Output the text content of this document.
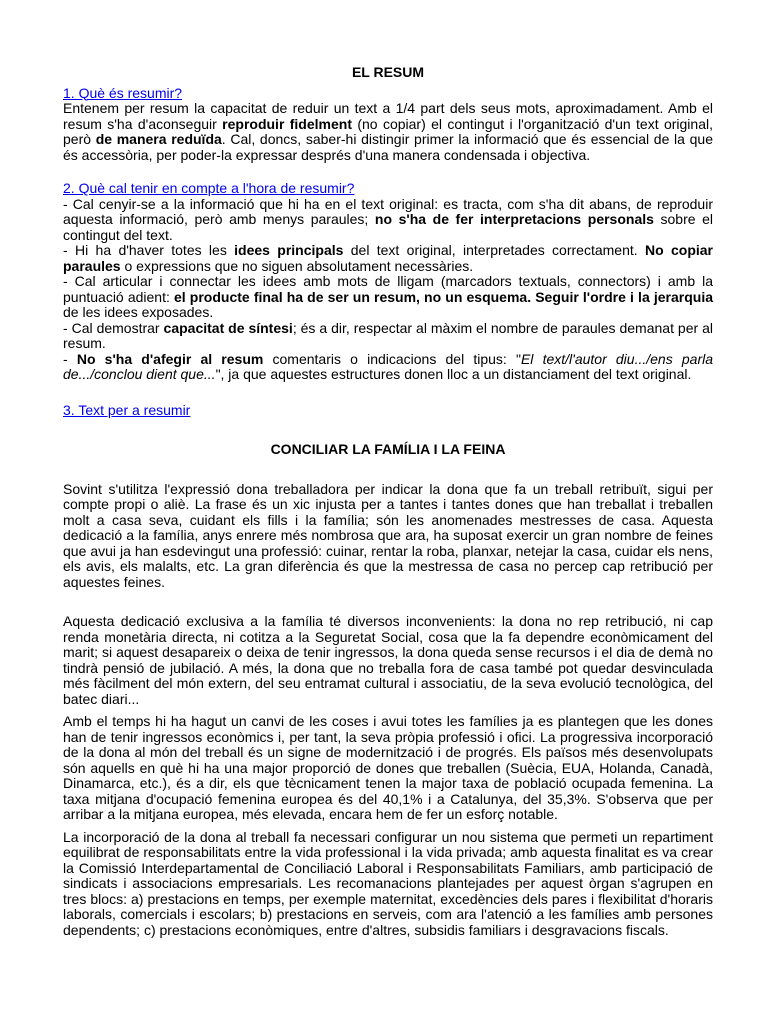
EL RESUM
1. Què és resumir?

Entenem per resum la capacitat de reduir un text a 1/4 part dels seus mots, aproximadament. Amb el resum s'ha d'aconseguir reproduir fidelment (no copiar) el contingut i l'organització d'un text original, però de manera reduïda. Cal, doncs, saber-hi distingir primer la informació que és essencial de la que és accessòria, per poder-la expressar després d'una manera condensada i objectiva.

2. Què cal tenir en compte a l'hora de resumir?

- Cal cenyir-se a la informació que hi ha en el text original: es tracta, com s'ha dit abans, de reproduir aquesta informació, però amb menys paraules; no s'ha de fer interpretacions personals sobre el contingut del text.

- Hi ha d'haver totes les idees principals del text original, interpretades correctament. No copiar paraules o expressions que no siguen absolutament necessàries.

- Cal articular i connectar les idees amb mots de lligam (marcadors textuals, connectors) i amb la puntuació adient: el producte final ha de ser un resum, no un esquema. Seguir l'ordre i la jerarquia de les idees exposades.

- Cal demostrar capacitat de síntesi; és a dir, respectar al màxim el nombre de paraules demanat per al resum.

- No s'ha d'afegir al resum comentaris o indicacions del tipus: "El text/l'autor diu.../ens parla de.../conclou dient que...", ja que aquestes estructures donen lloc a un distanciament del text original.

3. Text per a resumir
CONCILIAR LA FAMÍLIA I LA FEINA

Sovint s'utilitza l'expressió dona treballadora per indicar la dona que fa un treball retribuït, sigui per compte propi o aliè. La frase és un xic injusta per a tantes i tantes dones que han treballat i treballen molt a casa seva, cuidant els fills i la família; són les anomenades mestresses de casa. Aquesta dedicació a la família, anys enrere més nombrosa que ara, ha suposat exercir un gran nombre de feines que avui ja han esdevingut una professió: cuinar, rentar la roba, planxar, netejar la casa, cuidar els nens, els avis, els malalts, etc. La gran diferència és que la mestressa de casa no percep cap retribució per aquestes feines.

Aquesta dedicació exclusiva a la família té diversos inconvenients: la dona no rep retribució, ni cap renda monetària directa, ni cotitza a la Seguretat Social, cosa que la fa dependre econòmicament del marit; si aquest desapareix o deixa de tenir ingressos, la dona queda sense recursos i el dia de demà no tindrà pensió de jubilació. A més, la dona que no treballa fora de casa també pot quedar desvinculada més fàcilment del món extern, del seu entramat cultural i associatiu, de la seva evolució tecnològica, del batec diari...

Amb el temps hi ha hagut un canvi de les coses i avui totes les famílies ja es plantegen que les dones han de tenir ingressos econòmics i, per tant, la seva pròpia professió i ofici. La progressiva incorporació de la dona al món del treball és un signe de modernització i de progrés. Els països més desenvolupats són aquells en què hi ha una major proporció de dones que treballen (Suècia, EUA, Holanda, Canadà, Dinamarca, etc.), és a dir, els que tècnicament tenen la major taxa de població ocupada femenina. La taxa mitjana d'ocupació femenina europea és del 40,1% i a Catalunya, del 35,3%. S'observa que per arribar a la mitjana europea, més elevada, encara hem de fer un esforç notable.

La incorporació de la dona al treball fa necessari configurar un nou sistema que permeti un repartiment equilibrat de responsabilitats entre la vida professional i la vida privada; amb aquesta finalitat es va crear la Comissió Interdepartamental de Conciliació Laboral i Responsabilitats Familiars, amb participació de sindicats i associacions empresarials. Les recomanacions plantejades per aquest òrgan s'agrupen en tres blocs: a) prestacions en temps, per exemple maternitat, excedències dels pares i flexibilitat d'horaris laborals, comercials i escolars; b) prestacions en serveis, com ara l'atenció a les famílies amb persones dependents; c) prestacions econòmiques, entre d'altres, subsidis familiars i desgravacions fiscals.
